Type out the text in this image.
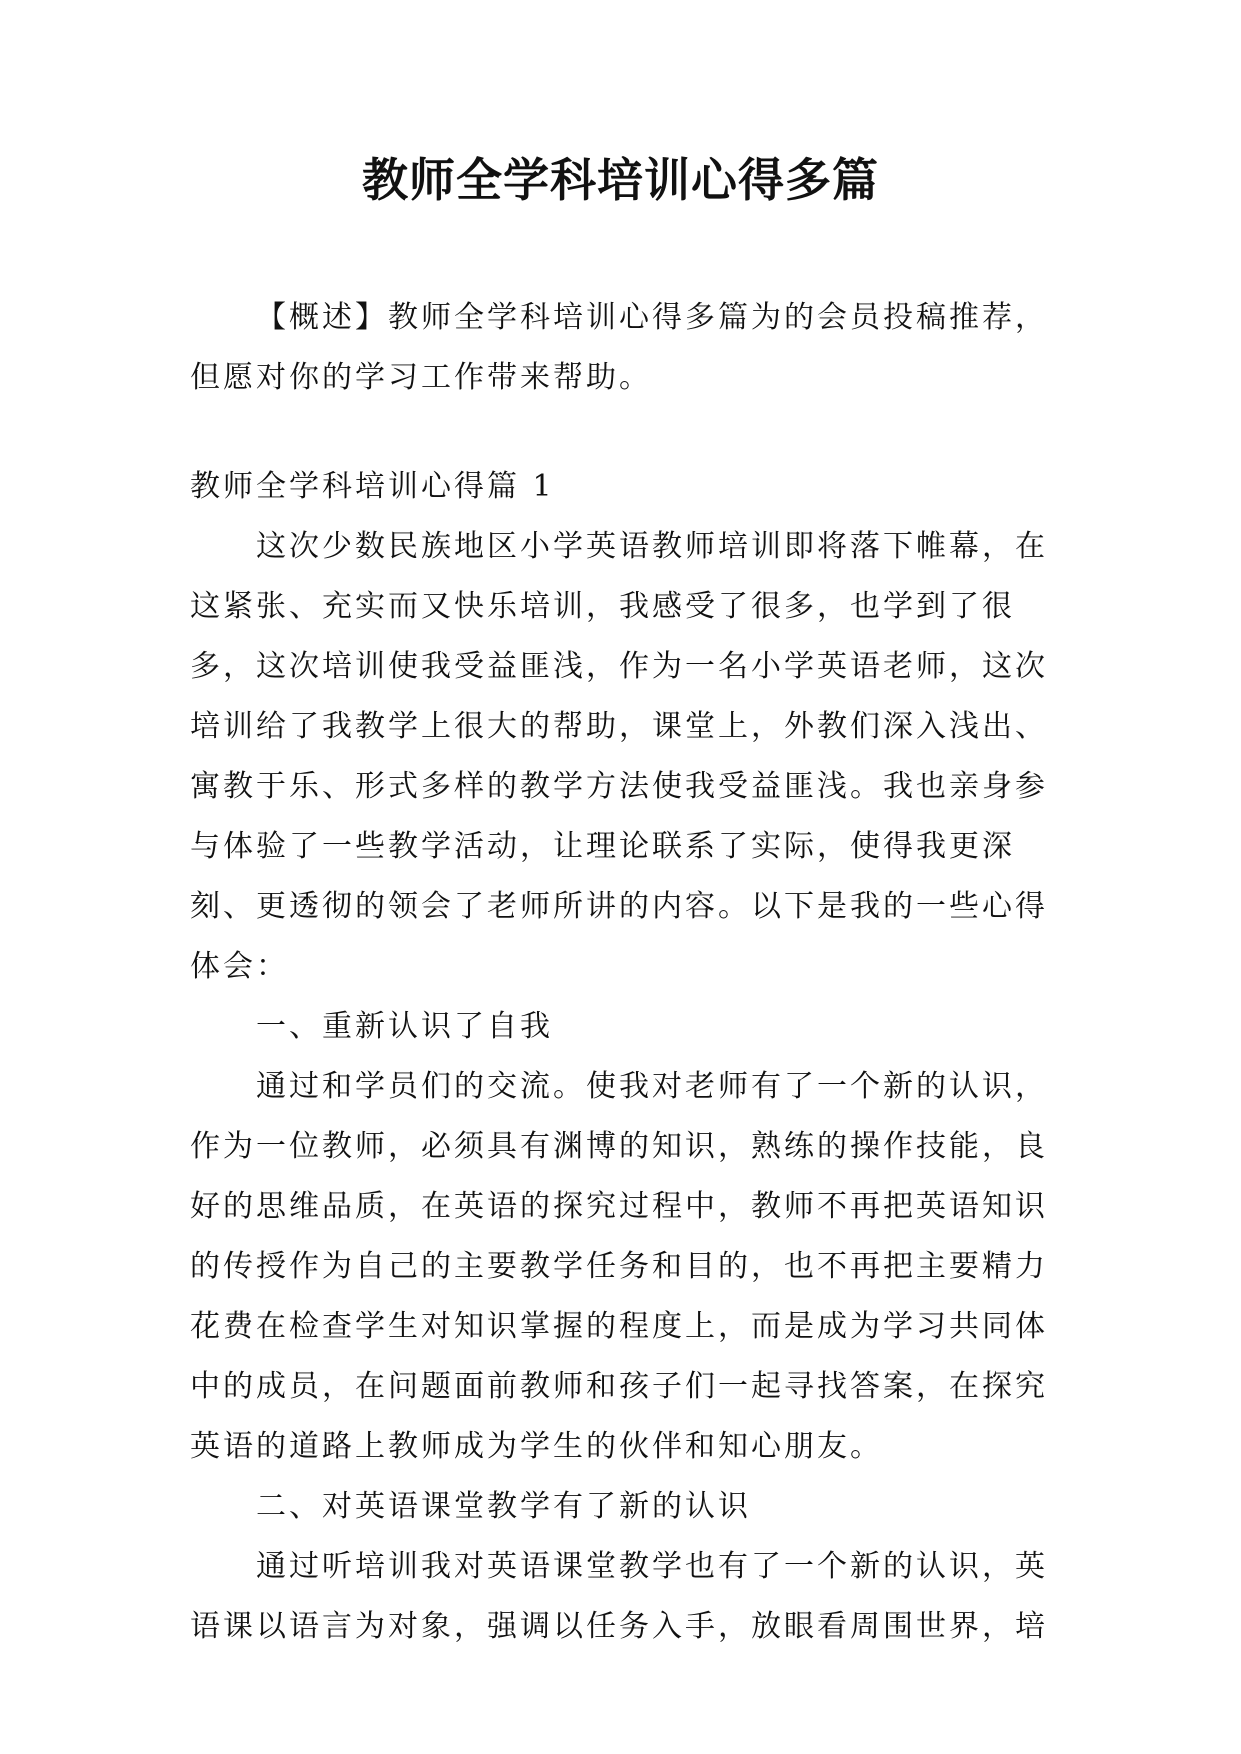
教师全学科培训心得多篇
【概述】教师全学科培训心得多篇为的会员投稿推荐，但愿对你的学习工作带来帮助。

教师全学科培训心得篇 1

这次少数民族地区小学英语教师培训即将落下帷幕，在这紧张、充实而又快乐培训，我感受了很多，也学到了很多，这次培训使我受益匪浅，作为一名小学英语老师，这次培训给了我教学上很大的帮助，课堂上，外教们深入浅出、寓教于乐、形式多样的教学方法使我受益匪浅。我也亲身参与体验了一些教学活动，让理论联系了实际，使得我更深刻、更透彻的领会了老师所讲的内容。以下是我的一些心得体会：

一、重新认识了自我

通过和学员们的交流。使我对老师有了一个新的认识，作为一位教师，必须具有渊博的知识，熟练的操作技能，良好的思维品质，在英语的探究过程中，教师不再把英语知识的传授作为自己的主要教学任务和目的，也不再把主要精力花费在检查学生对知识掌握的程度上，而是成为学习共同体中的成员，在问题面前教师和孩子们一起寻找答案，在探究英语的道路上教师成为学生的伙伴和知心朋友。

二、对英语课堂教学有了新的认识

通过听培训我对英语课堂教学也有了一个新的认识，英语课以语言为对象，强调以任务入手，放眼看周围世界，培
